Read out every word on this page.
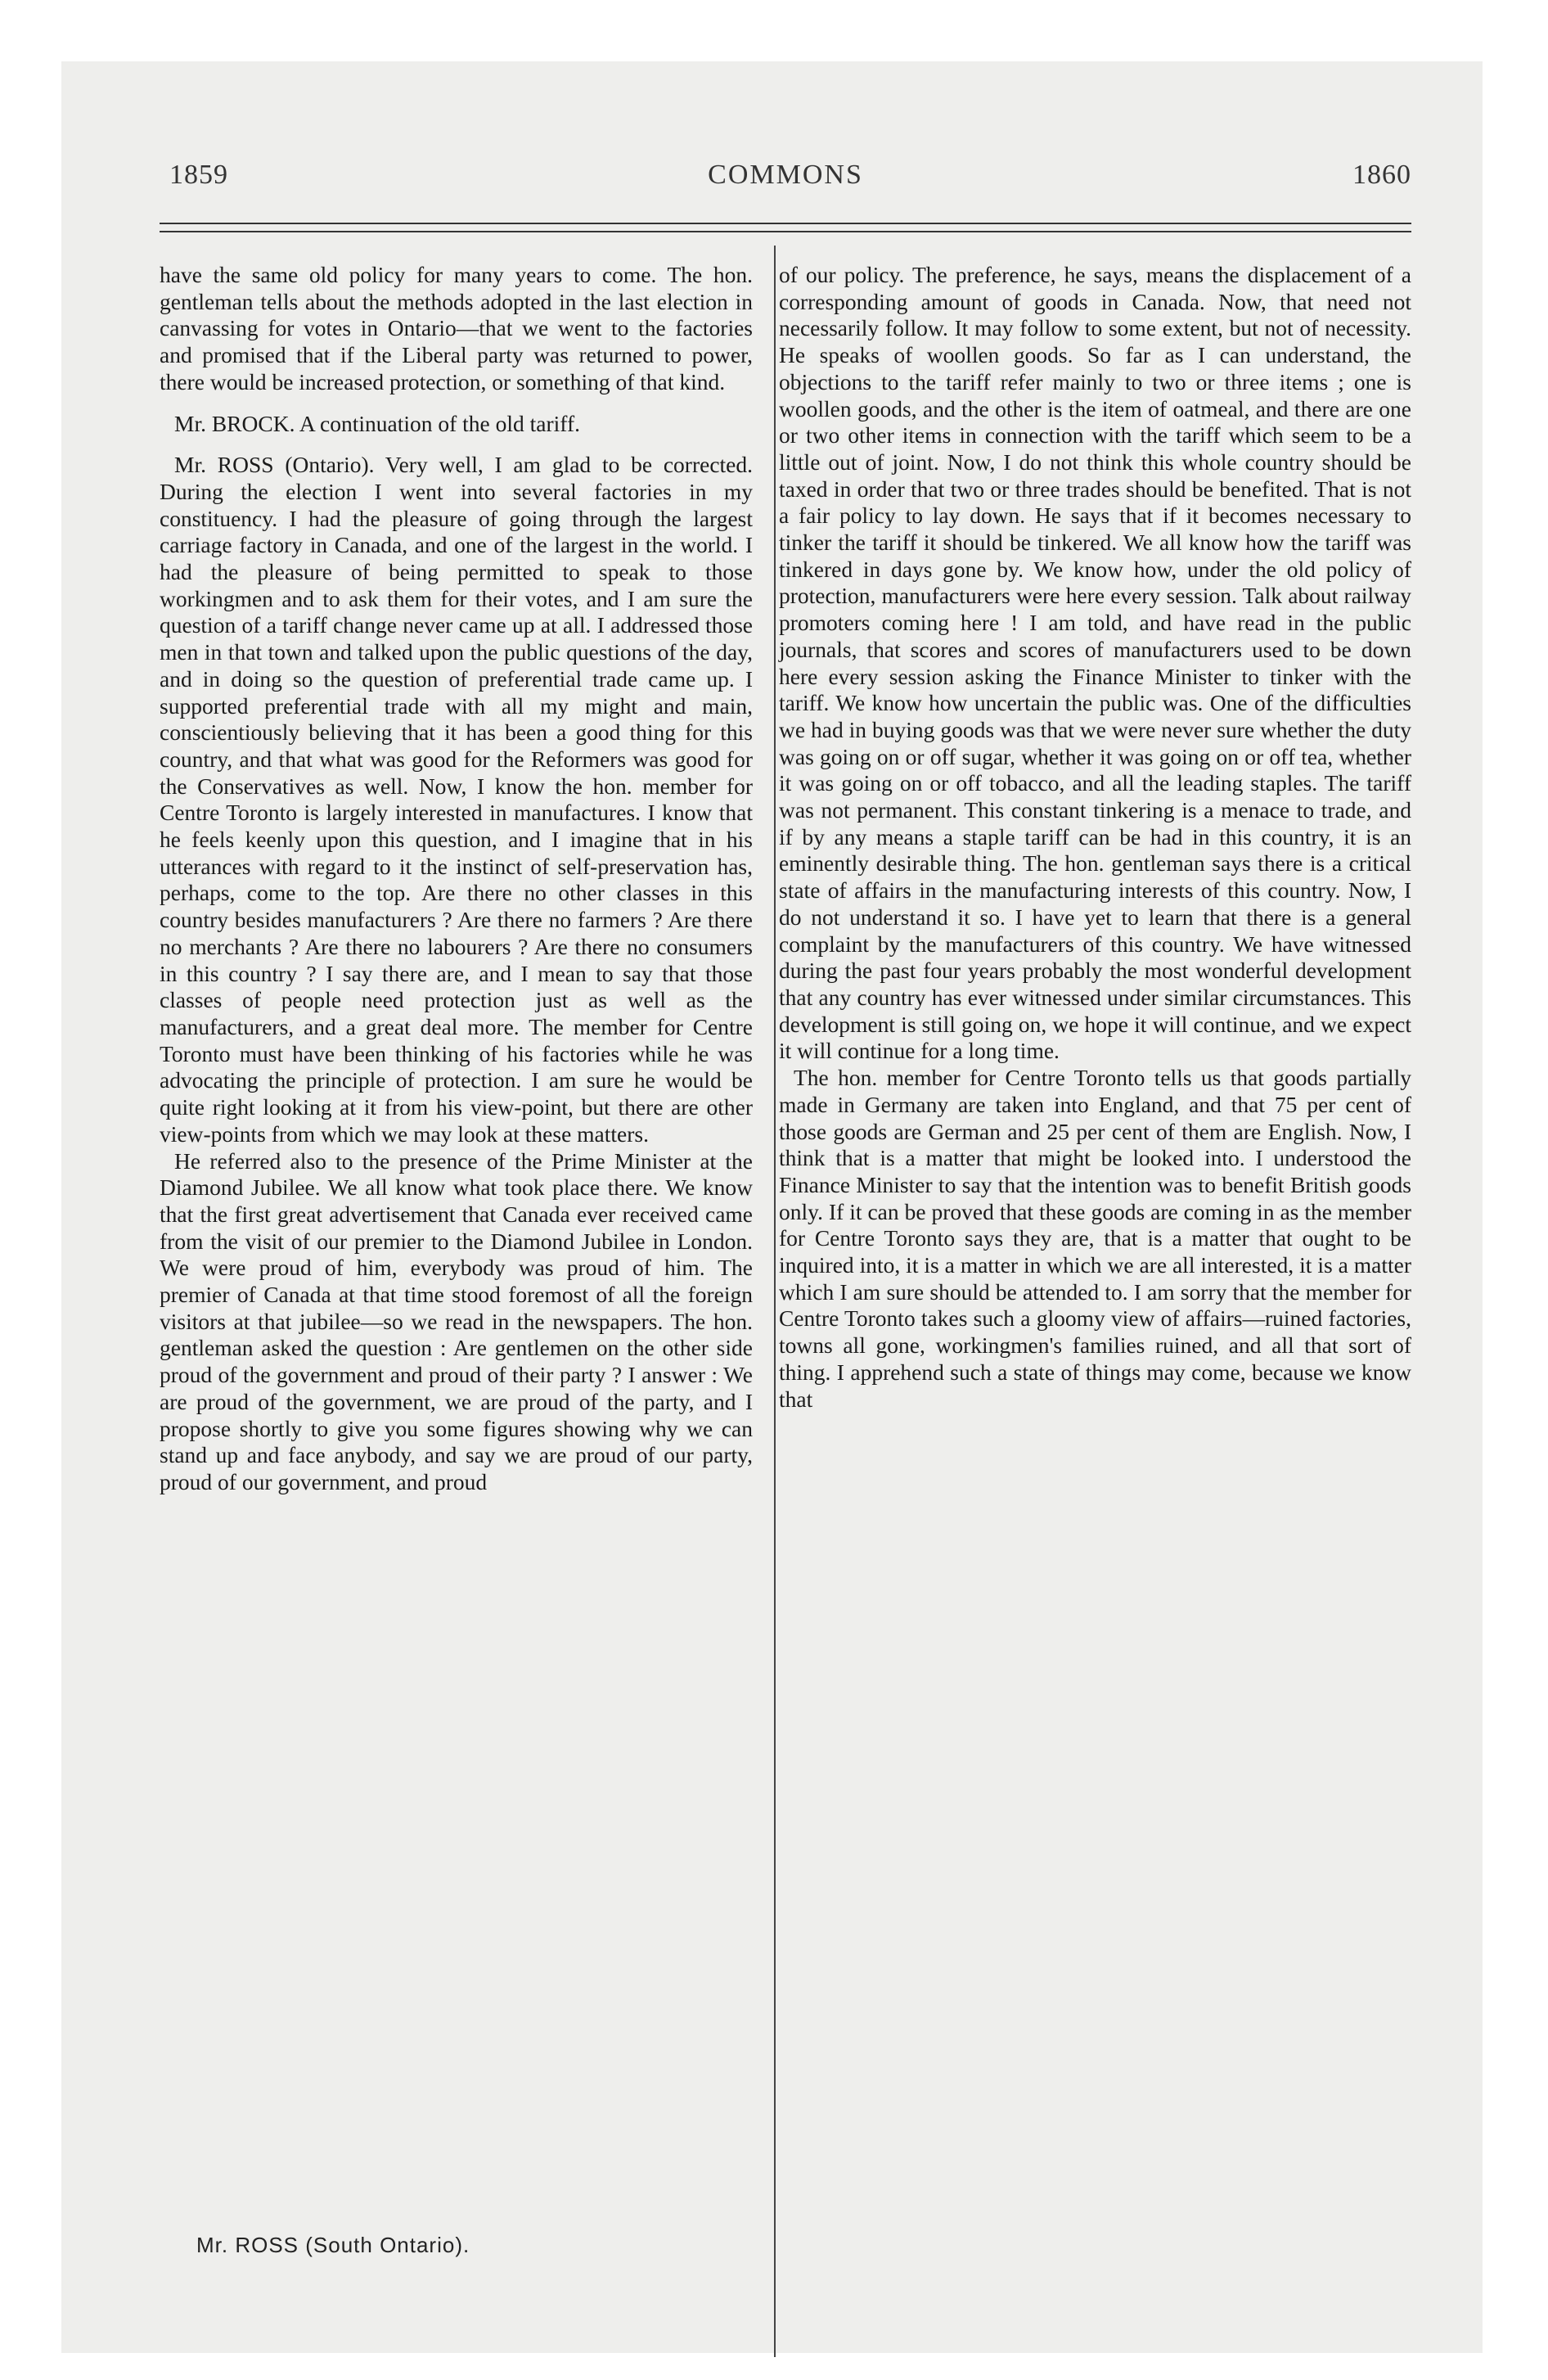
1859	COMMONS	1860

have the same old policy for many years to come. The hon. gentleman tells about the methods adopted in the last election in canvassing for votes in Ontario—that we went to the factories and promised that if the Liberal party was returned to power, there would be increased protection, or something of that kind.

Mr. BROCK. A continuation of the old tariff.

Mr. ROSS (Ontario). Very well, I am glad to be corrected. During the election I went into several factories in my constituency. I had the pleasure of going through the largest carriage factory in Canada, and one of the largest in the world. I had the pleasure of being permitted to speak to those workingmen and to ask them for their votes, and I am sure the question of a tariff change never came up at all. I addressed those men in that town and talked upon the public questions of the day, and in doing so the question of preferential trade came up. I supported preferential trade with all my might and main, conscientiously believing that it has been a good thing for this country, and that what was good for the Reformers was good for the Conservatives as well. Now, I know the hon. member for Centre Toronto is largely interested in manufactures. I know that he feels keenly upon this question, and I imagine that in his utterances with regard to it the instinct of self-preservation has, perhaps, come to the top. Are there no other classes in this country besides manufacturers ? Are there no farmers ? Are there no merchants ? Are there no labourers ? Are there no consumers in this country ? I say there are, and I mean to say that those classes of people need protection just as well as the manufacturers, and a great deal more. The member for Centre Toronto must have been thinking of his factories while he was advocating the principle of protection. I am sure he would be quite right looking at it from his view-point, but there are other view-points from which we may look at these matters.

He referred also to the presence of the Prime Minister at the Diamond Jubilee. We all know what took place there. We know that the first great advertisement that Canada ever received came from the visit of our premier to the Diamond Jubilee in London. We were proud of him, everybody was proud of him. The premier of Canada at that time stood foremost of all the foreign visitors at that jubilee—so we read in the newspapers. The hon. gentleman asked the question : Are gentlemen on the other side proud of the government and proud of their party ? I answer : We are proud of the government, we are proud of the party, and I propose shortly to give you some figures showing why we can stand up and face anybody, and say we are proud of our party, proud of our government, and proud

of our policy. The preference, he says, means the displacement of a corresponding amount of goods in Canada. Now, that need not necessarily follow. It may follow to some extent, but not of necessity. He speaks of woollen goods. So far as I can understand, the objections to the tariff refer mainly to two or three items ; one is woollen goods, and the other is the item of oatmeal, and there are one or two other items in connection with the tariff which seem to be a little out of joint. Now, I do not think this whole country should be taxed in order that two or three trades should be benefited. That is not a fair policy to lay down. He says that if it becomes necessary to tinker the tariff it should be tinkered. We all know how the tariff was tinkered in days gone by. We know how, under the old policy of protection, manufacturers were here every session. Talk about railway promoters coming here ! I am told, and have read in the public journals, that scores and scores of manufacturers used to be down here every session asking the Finance Minister to tinker with the tariff. We know how uncertain the public was. One of the difficulties we had in buying goods was that we were never sure whether the duty was going on or off sugar, whether it was going on or off tea, whether it was going on or off tobacco, and all the leading staples. The tariff was not permanent. This constant tinkering is a menace to trade, and if by any means a staple tariff can be had in this country, it is an eminently desirable thing. The hon. gentleman says there is a critical state of affairs in the manufacturing interests of this country. Now, I do not understand it so. I have yet to learn that there is a general complaint by the manufacturers of this country. We have witnessed during the past four years probably the most wonderful development that any country has ever witnessed under similar circumstances. This development is still going on, we hope it will continue, and we expect it will continue for a long time.

The hon. member for Centre Toronto tells us that goods partially made in Germany are taken into England, and that 75 per cent of those goods are German and 25 per cent of them are English. Now, I think that is a matter that might be looked into. I understood the Finance Minister to say that the intention was to benefit British goods only. If it can be proved that these goods are coming in as the member for Centre Toronto says they are, that is a matter that ought to be inquired into, it is a matter in which we are all interested, it is a matter which I am sure should be attended to. I am sorry that the member for Centre Toronto takes such a gloomy view of affairs—ruined factories, towns all gone, workingmen's families ruined, and all that sort of thing. I apprehend such a state of things may come, because we know that

Mr. ROSS (South Ontario).
